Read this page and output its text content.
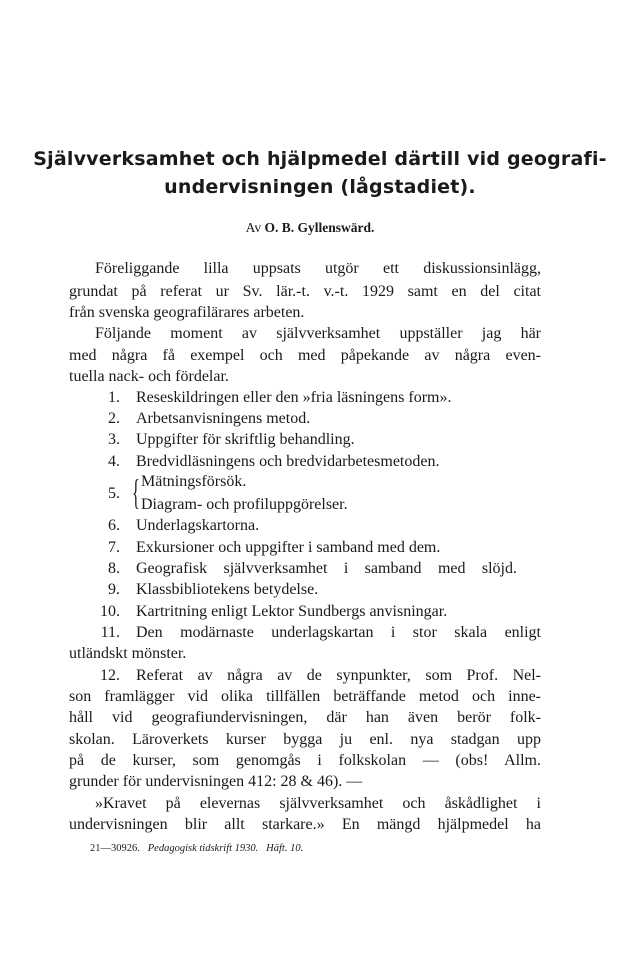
Självverksamhet och hjälpmedel därtill vid geografi-
undervisningen (lågstadiet).
Av O. B. Gyllenswärd.
Föreliggande lilla uppsats utgör ett diskussionsinlägg,
grundat på referat ur Sv. lär.-t. v.-t. 1929 samt en del citat
från svenska geografilärares arbeten.
Följande moment av självverksamhet uppställer jag här
med några få exempel och med påpekande av några even-
tuella nack- och fördelar.
1. Reseskildringen eller den »fria läsningens form».
2. Arbetsanvisningens metod.
3. Uppgifter för skriftlig behandling.
4. Bredvidläsningens och bredvidarbetesmetoden.
{
5.
Mätningsförsök.
Diagram- och profiluppgörelser.
6. Underlagskartorna.
7. Exkursioner och uppgifter i samband med dem.
8. Geografisk självverksamhet i samband med slöjd.
9. Klassbibliotekens betydelse.
10. Kartritning enligt Lektor Sundbergs anvisningar.
11. Den modärnaste underlagskartan i stor skala enligt
utländskt mönster.
12. Referat av några av de synpunkter, som Prof. Nel-
son framlägger vid olika tillfällen beträffande metod och inne-
håll vid geografiundervisningen, där han även berör folk-
skolan. Läroverkets kurser bygga ju enl. nya stadgan upp
på de kurser, som genomgås i folkskolan — (obs! Allm.
grunder för undervisningen 412: 28 & 46). —
»Kravet på elevernas självverksamhet och åskådlighet i
undervisningen blir allt starkare.» En mängd hjälpmedel ha
21—30926. Pedagogisk tidskrift 1930. Häft. 10.
